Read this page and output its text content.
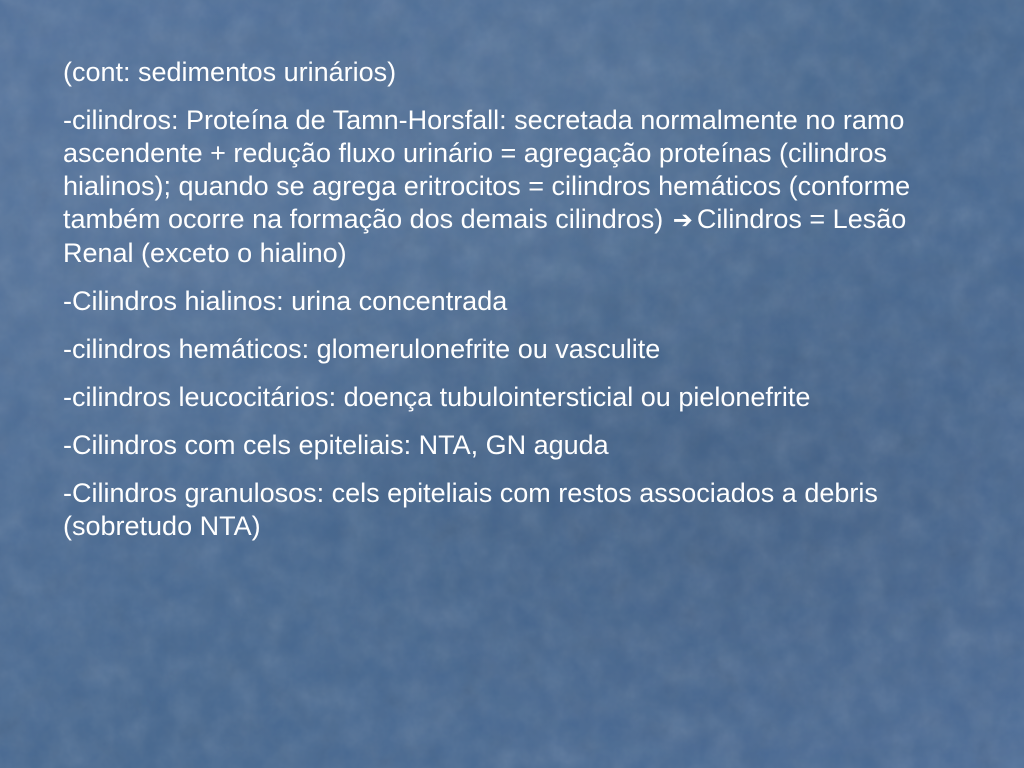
(cont: sedimentos urinários)

-cilindros: Proteína de Tamn-Horsfall: secretada normalmente no ramo ascendente + redução fluxo urinário = agregação proteínas (cilindros hialinos); quando se agrega eritrocitos = cilindros hemáticos (conforme também ocorre na formação dos demais cilindros) ➔ Cilindros = Lesão Renal (exceto o hialino)

-Cilindros hialinos: urina concentrada

-cilindros hemáticos: glomerulonefrite ou vasculite

-cilindros leucocitários: doença tubulointersticial ou pielonefrite

-Cilindros com cels epiteliais: NTA, GN aguda

-Cilindros granulosos: cels epiteliais com restos associados a debris (sobretudo NTA)
